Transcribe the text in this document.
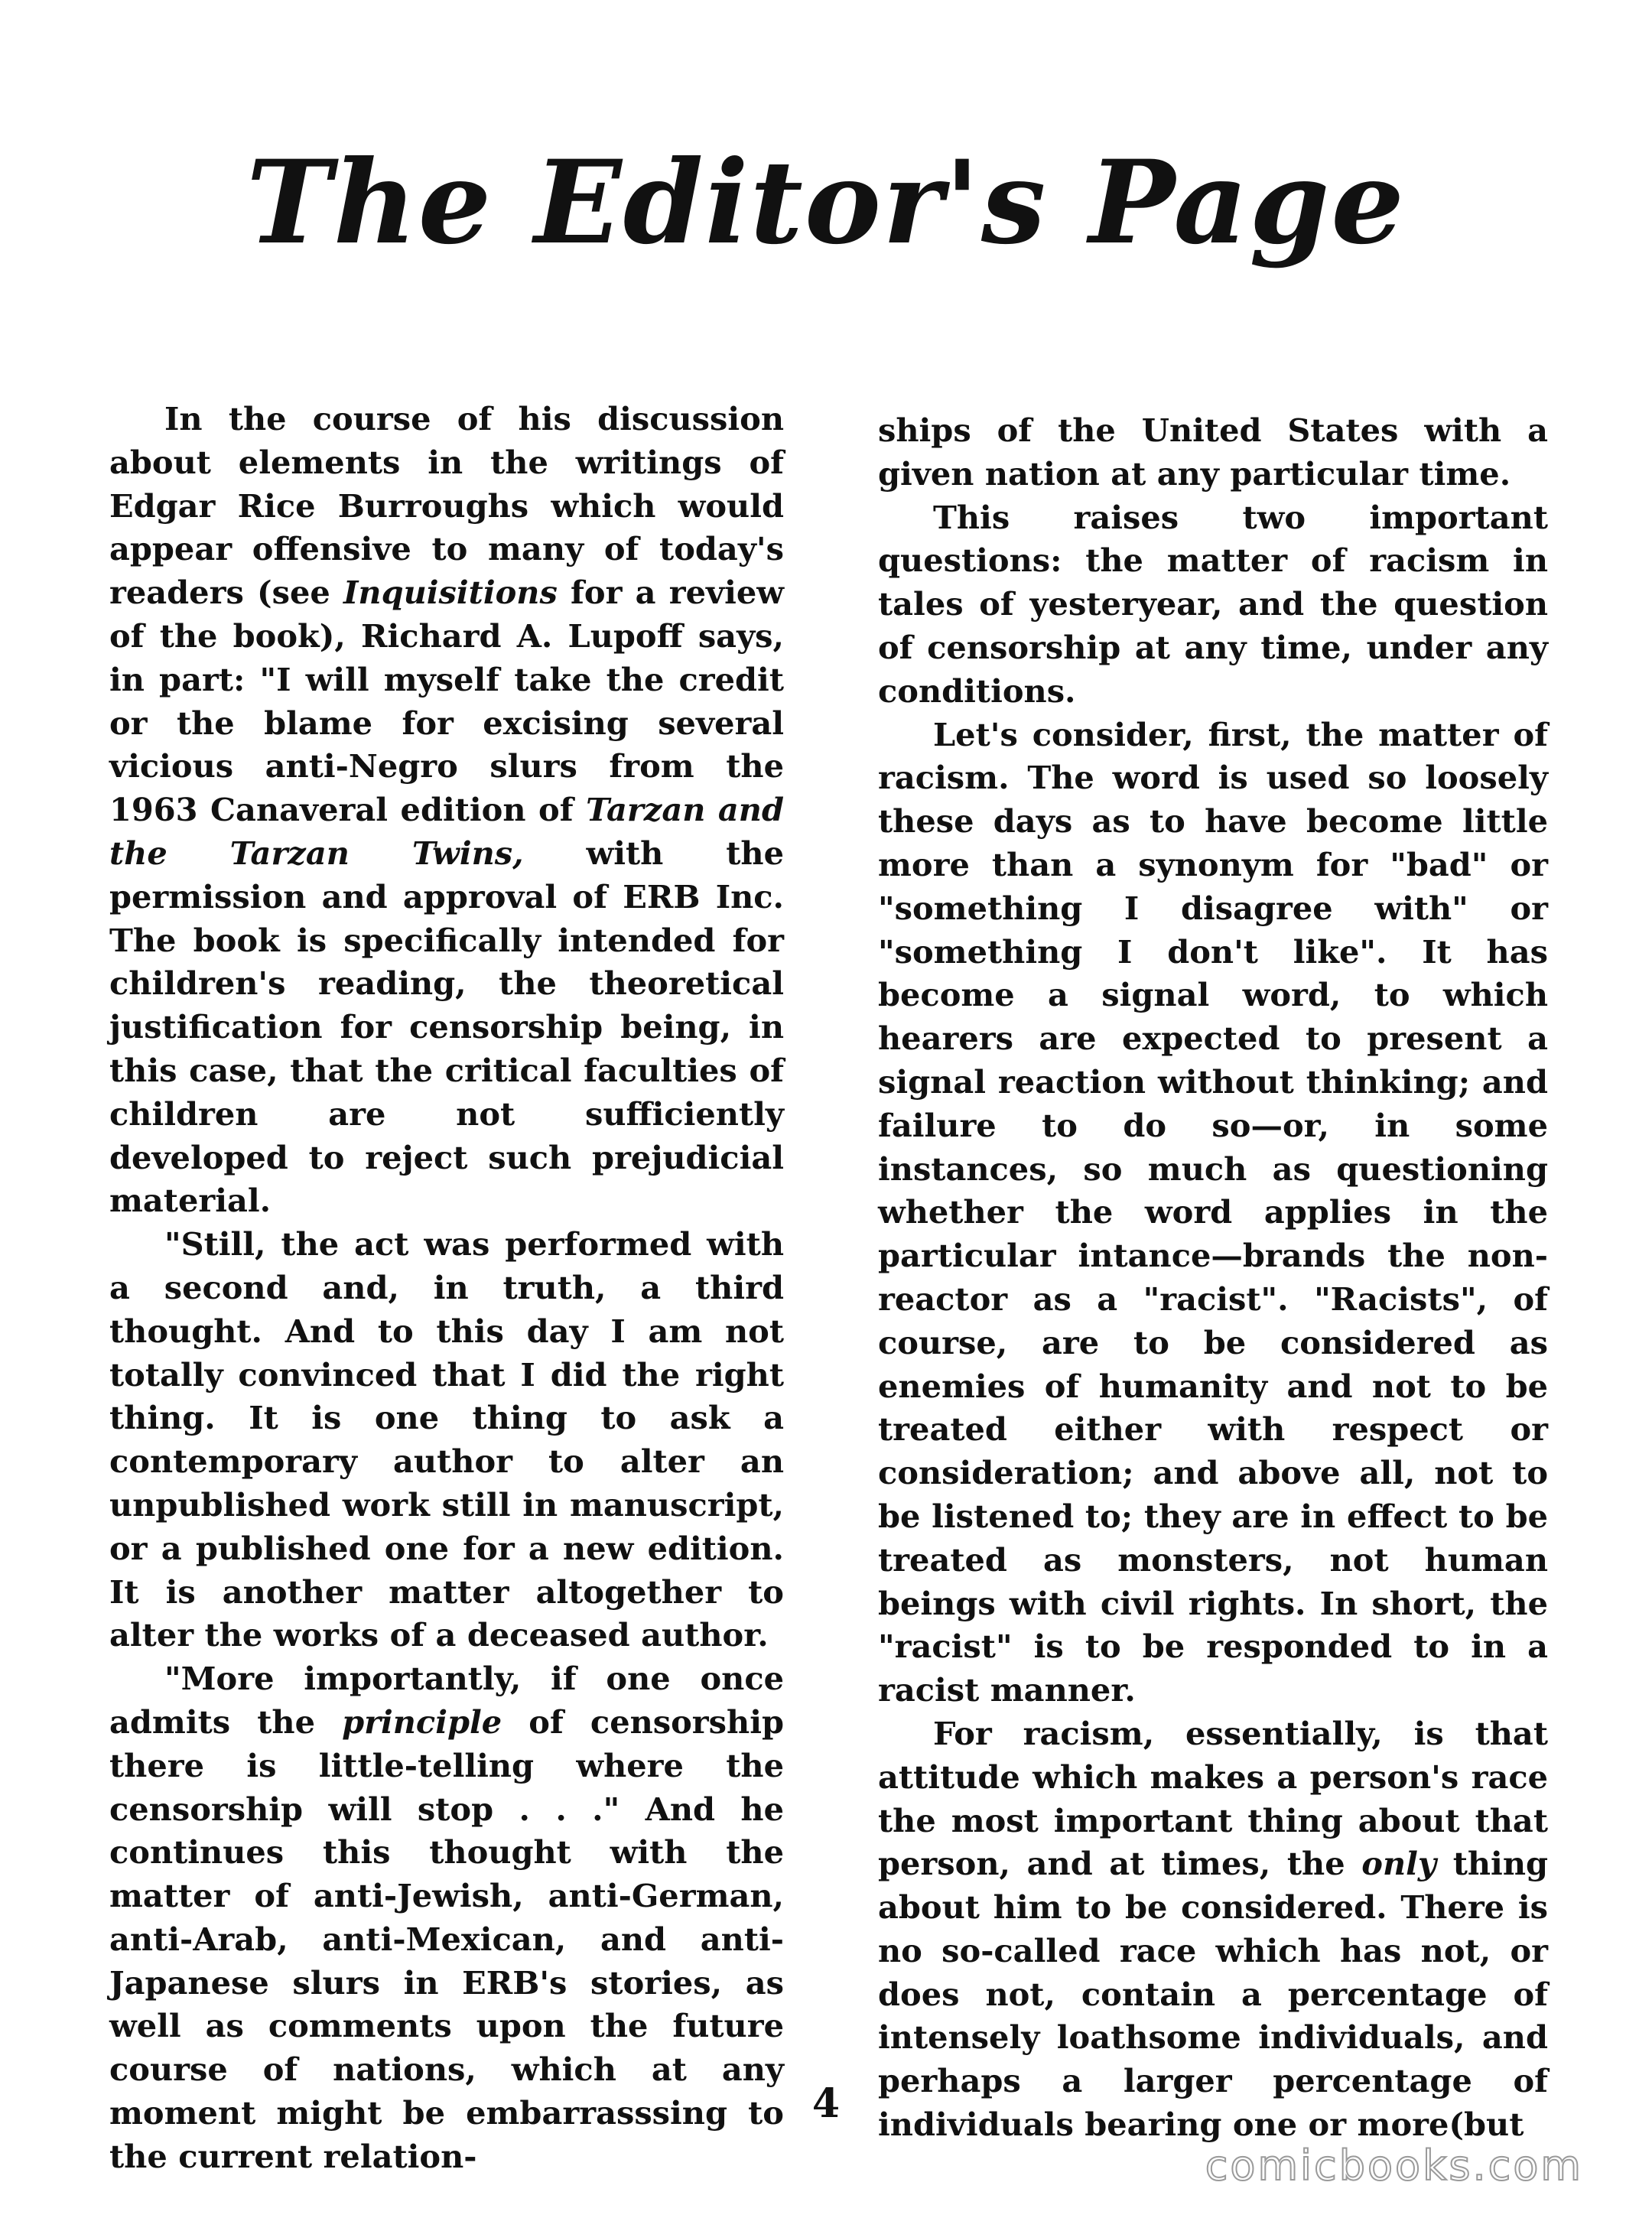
The Editor's Page

In the course of his discussion about elements in the writings of Edgar Rice Burroughs which would appear offensive to many of today's readers (see Inquisitions for a review of the book), Richard A. Lupoff says, in part: "I will myself take the credit or the blame for excising several vicious anti-Negro slurs from the 1963 Canaveral edition of Tarzan and the Tarzan Twins, with the permission and approval of ERB Inc. The book is specifically intended for children's reading, the theoretical justification for censorship being, in this case, that the critical faculties of children are not sufficiently developed to reject such prejudicial material.

"Still, the act was performed with a second and, in truth, a third thought. And to this day I am not totally convinced that I did the right thing. It is one thing to ask a contemporary author to alter an unpublished work still in manuscript, or a published one for a new edition. It is another matter altogether to alter the works of a deceased author.

"More importantly, if one once admits the principle of censorship there is little-telling where the censorship will stop . . ." And he continues this thought with the matter of anti-Jewish, anti-German, anti-Arab, anti-Mexican, and anti-Japanese slurs in ERB's stories, as well as comments upon the future course of nations, which at any moment might be embarrasssing to the current relation-

ships of the United States with a given nation at any particular time.

This raises two important questions: the matter of racism in tales of yesteryear, and the question of censorship at any time, under any conditions.

Let's consider, first, the matter of racism. The word is used so loosely these days as to have become little more than a synonym for "bad" or "something I disagree with" or "something I don't like". It has become a signal word, to which hearers are expected to present a signal reaction without thinking; and failure to do so—or, in some instances, so much as questioning whether the word applies in the particular intance—brands the non-reactor as a "racist". "Racists", of course, are to be considered as enemies of humanity and not to be treated either with respect or consideration; and above all, not to be listened to; they are in effect to be treated as monsters, not human beings with civil rights. In short, the "racist" is to be responded to in a racist manner.

For racism, essentially, is that attitude which makes a person's race the most important thing about that person, and at times, the only thing about him to be considered. There is no so-called race which has not, or does not, contain a percentage of intensely loathsome individuals, and perhaps a larger percentage of individuals bearing one or more(but

4
comicbooks.com
